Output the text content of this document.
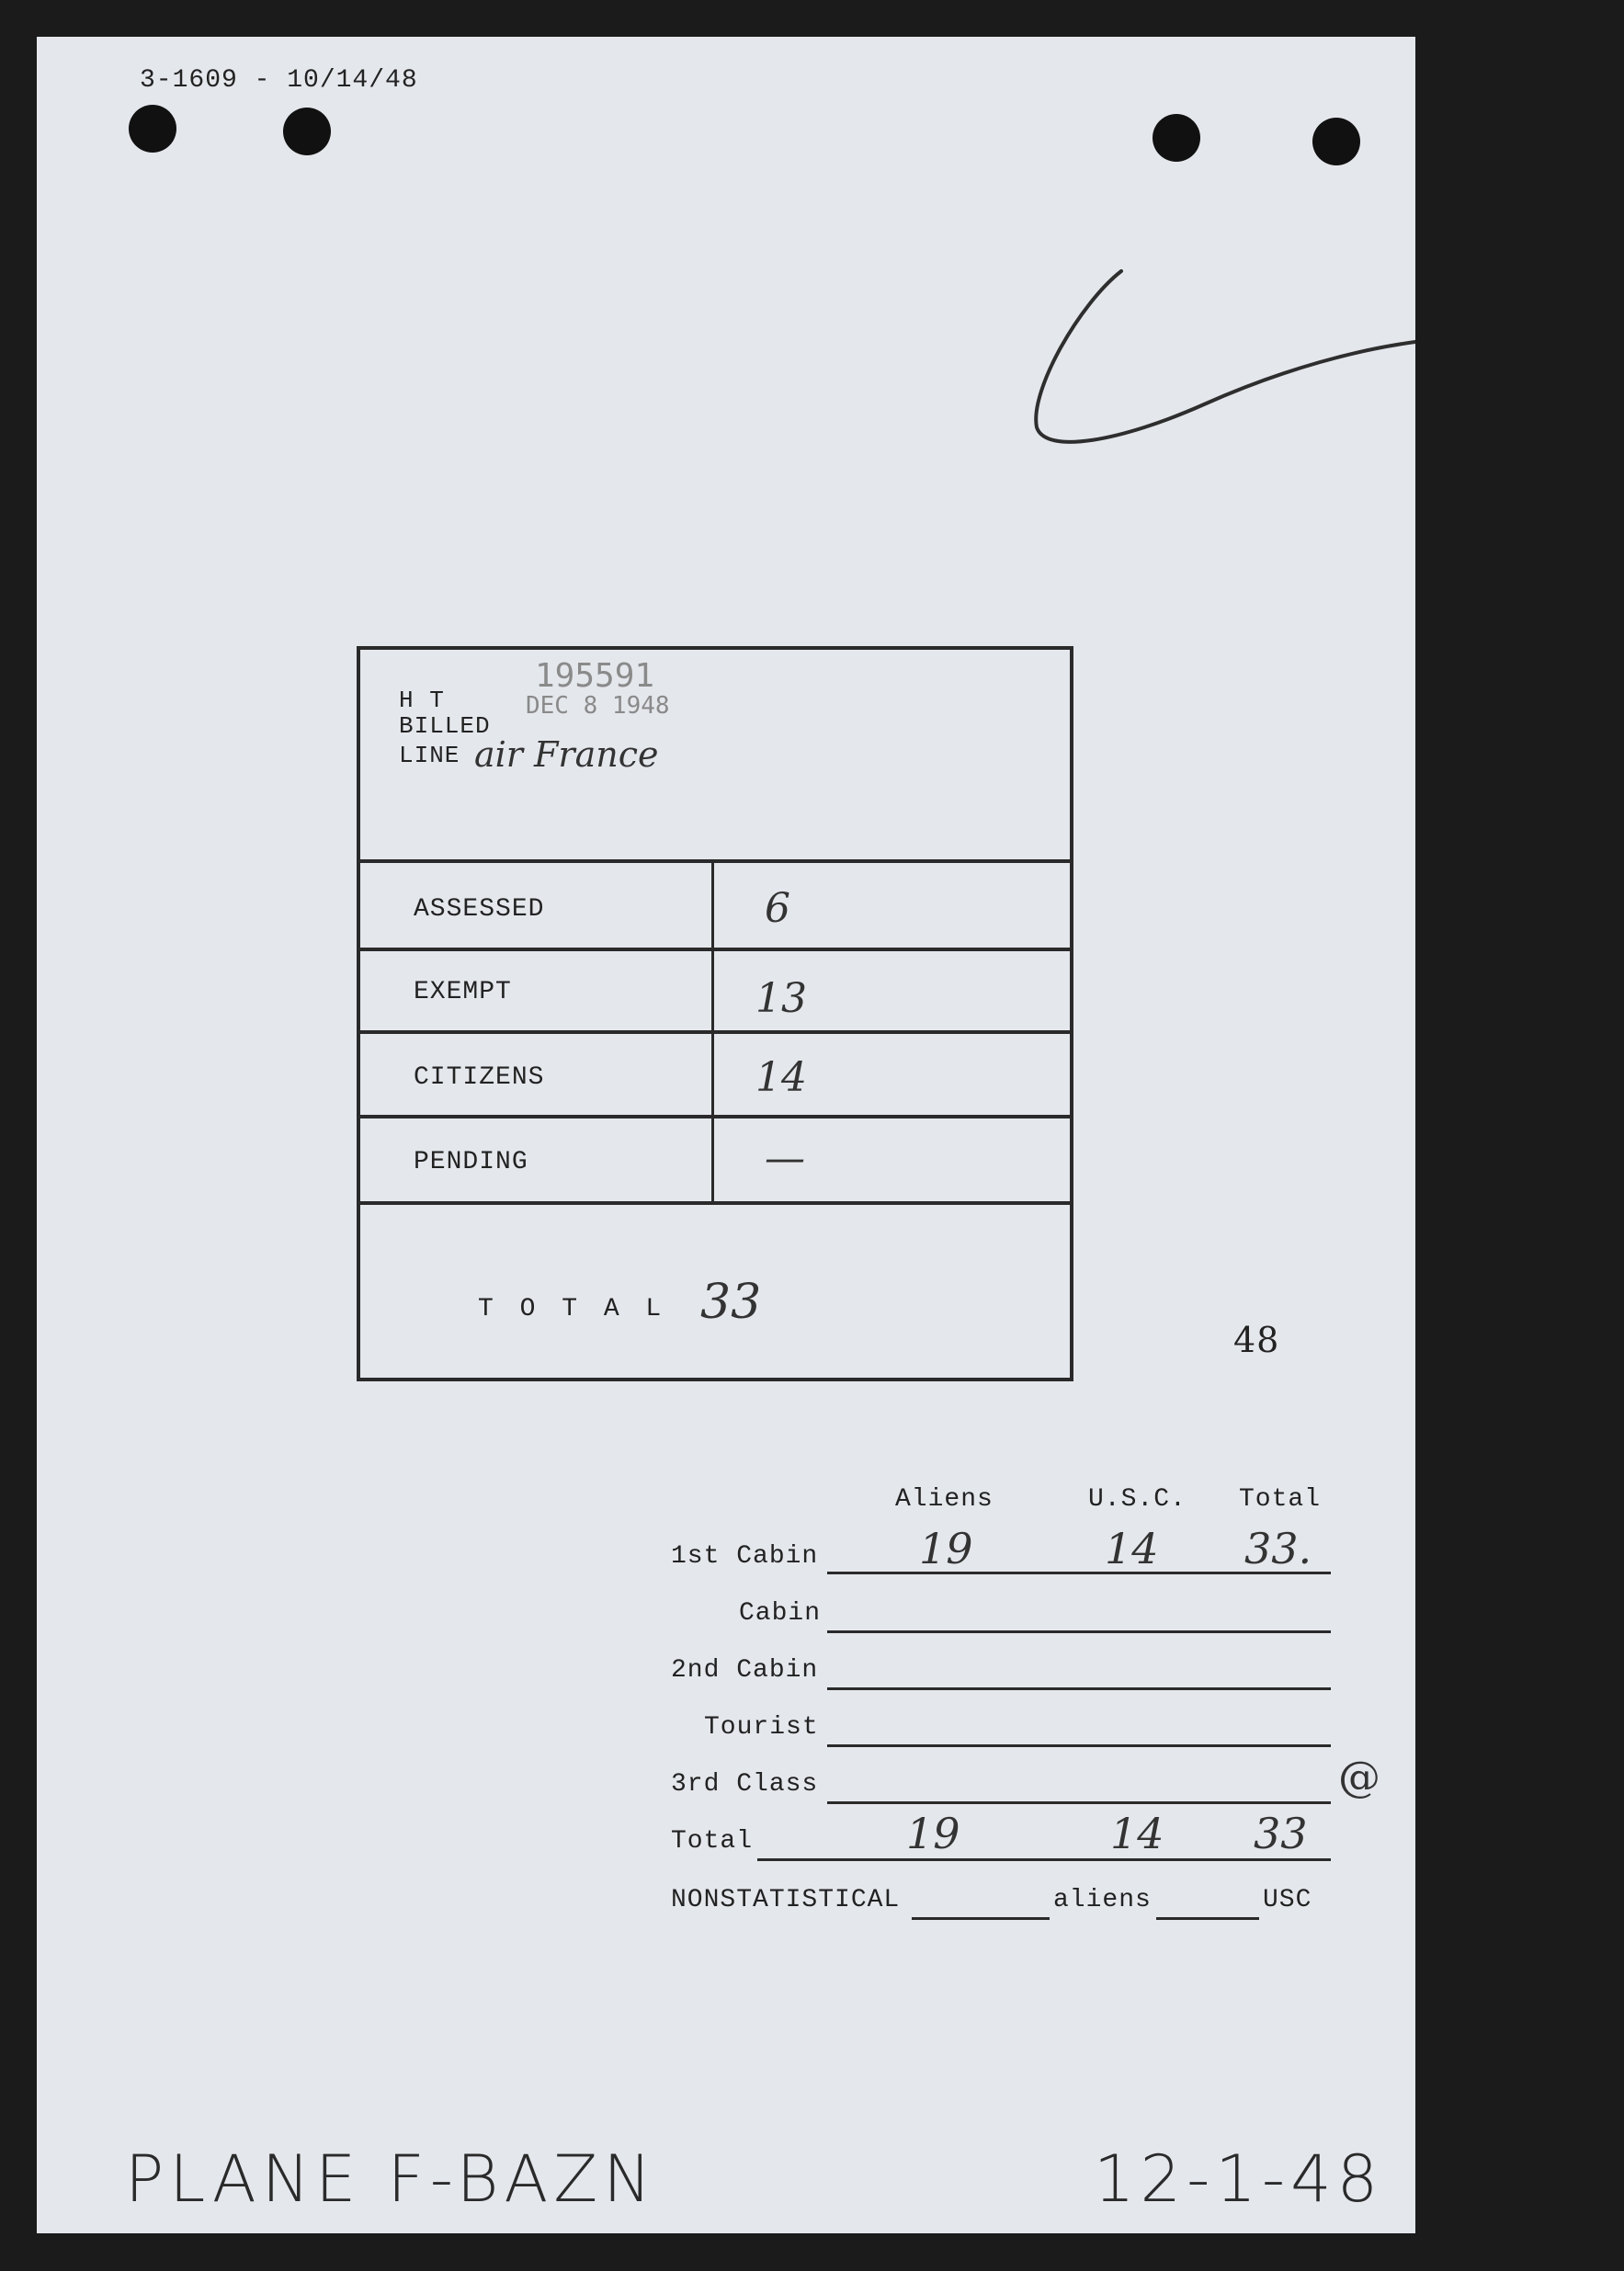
3-1609 - 10/14/48
195591
DEC 8 1948
H T
BILLED
LINE air France
ASSESSED	6
EXEMPT	13
CITIZENS	14
PENDING	—
T O T A L 33
48
Aliens	U.S.C. Total
1st Cabin 19	14 33.
Cabin
2nd Cabin
Tourist
3rd Class	@
Total	19	14 33
NONSTATISTICAL	aliens	USC
PLANE F-BAZN	12-1-48
